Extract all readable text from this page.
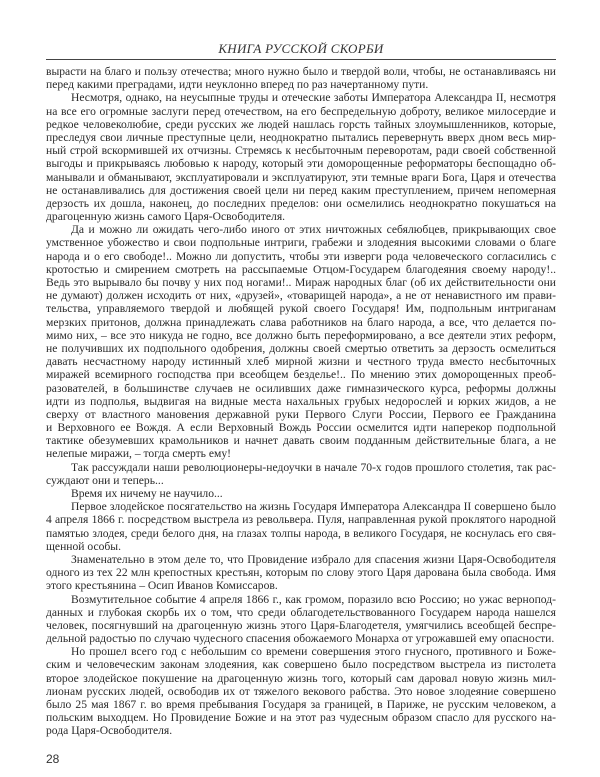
КНИГА РУССКОЙ СКОРБИ
вырасти на благо и пользу отечества; много нужно было и твердой воли, чтобы, не останавливаясь ни
перед какими преградами, идти неуклонно вперед по раз начертанному пути.
Несмотря, однако, на неусыпные труды и отеческие заботы Императора Александра II, несмотря
на все его огромные заслуги перед отечеством, на его беспредельную доброту, великое милосердие и
редкое человеколюбие, среди русских же людей нашлась горсть тайных злоумышленников, которые,
преследуя свои личные преступные цели, неоднократно пытались перевернуть вверх дном весь мир-
ный строй вскормившей их отчизны. Стремясь к несбыточным переворотам, ради своей собственной
выгоды и прикрываясь любовью к народу, который эти доморощенные реформаторы беспощадно об-
манывали и обманывают, эксплуатировали и эксплуатируют, эти темные враги Бога, Царя и отечества
не останавливались для достижения своей цели ни перед каким преступлением, причем непомерная
дерзость их дошла, наконец, до последних пределов: они осмелились неоднократно покушаться на
драгоценную жизнь самого Царя-Освободителя.
Да и можно ли ожидать чего-либо иного от этих ничтожных себялюбцев, прикрывающих свое
умственное убожество и свои подпольные интриги, грабежи и злодеяния высокими словами о благе
народа и о его свободе!.. Можно ли допустить, чтобы эти изверги рода человеческого согласились с
кротостью и смирением смотреть на рассыпаемые Отцом-Государем благодеяния своему народу!..
Ведь это вырывало бы почву у них под ногами!.. Мираж народных благ (об их действительности они
не думают) должен исходить от них, «друзей», «товарищей народа», а не от ненавистного им прави-
тельства, управляемого твердой и любящей рукой своего Государя! Им, подпольным интриганам
мерзких притонов, должна принадлежать слава работников на благо народа, а все, что делается по-
мимо них, – все это никуда не годно, все должно быть переформировано, а все деятели этих реформ,
не получивших их подпольного одобрения, должны своей смертью ответить за дерзость осмелиться
давать несчастному народу истинный хлеб мирной жизни и честного труда вместо несбыточных
миражей всемирного господства при всеобщем безделье!.. По мнению этих доморощенных преоб-
разователей, в большинстве случаев не осиливших даже гимназического курса, реформы должны
идти из подполья, выдвигая на видные места нахальных грубых недорослей и юрких жидов, а не
сверху от властного мановения державной руки Первого Слуги России, Первого ее Гражданина
и Верховного ее Вождя. А если Верховный Вождь России осмелится идти наперекор подпольной
тактике обезумевших крамольников и начнет давать своим подданным действительные блага, а не
нелепые миражи, – тогда смерть ему!
Так рассуждали наши революционеры-недоучки в начале 70-х годов прошлого столетия, так рас-
суждают они и теперь...
Время их ничему не научило...
Первое злодейское посягательство на жизнь Государя Императора Александра II совершено было
4 апреля 1866 г. посредством выстрела из револьвера. Пуля, направленная рукой проклятого народной
памятью злодея, среди белого дня, на глазах толпы народа, в великого Государя, не коснулась его свя-
щенной особы.
Знаменательно в этом деле то, что Провидение избрало для спасения жизни Царя-Освободителя
одного из тех 22 млн крепостных крестьян, которым по слову этого Царя дарована была свобода. Имя
этого крестьянина – Осип Иванов Комиссаров.
Возмутительное событие 4 апреля 1866 г., как громом, поразило всю Россию; но ужас вернопод-
данных и глубокая скорбь их о том, что среди облагодетельствованного Государем народа нашелся
человек, посягнувший на драгоценную жизнь этого Царя-Благодетеля, умягчились всеобщей беспре-
дельной радостью по случаю чудесного спасения обожаемого Монарха от угрожавшей ему опасности.
Но прошел всего год с небольшим со времени совершения этого гнусного, противного и Боже-
ским и человеческим законам злодеяния, как совершено было посредством выстрела из пистолета
второе злодейское покушение на драгоценную жизнь того, который сам даровал новую жизнь мил-
лионам русских людей, освободив их от тяжелого векового рабства. Это новое злодеяние совершено
было 25 мая 1867 г. во время пребывания Государя за границей, в Париже, не русским человеком, а
польским выходцем. Но Провидение Божие и на этот раз чудесным образом спасло для русского на-
рода Царя-Освободителя.
28
